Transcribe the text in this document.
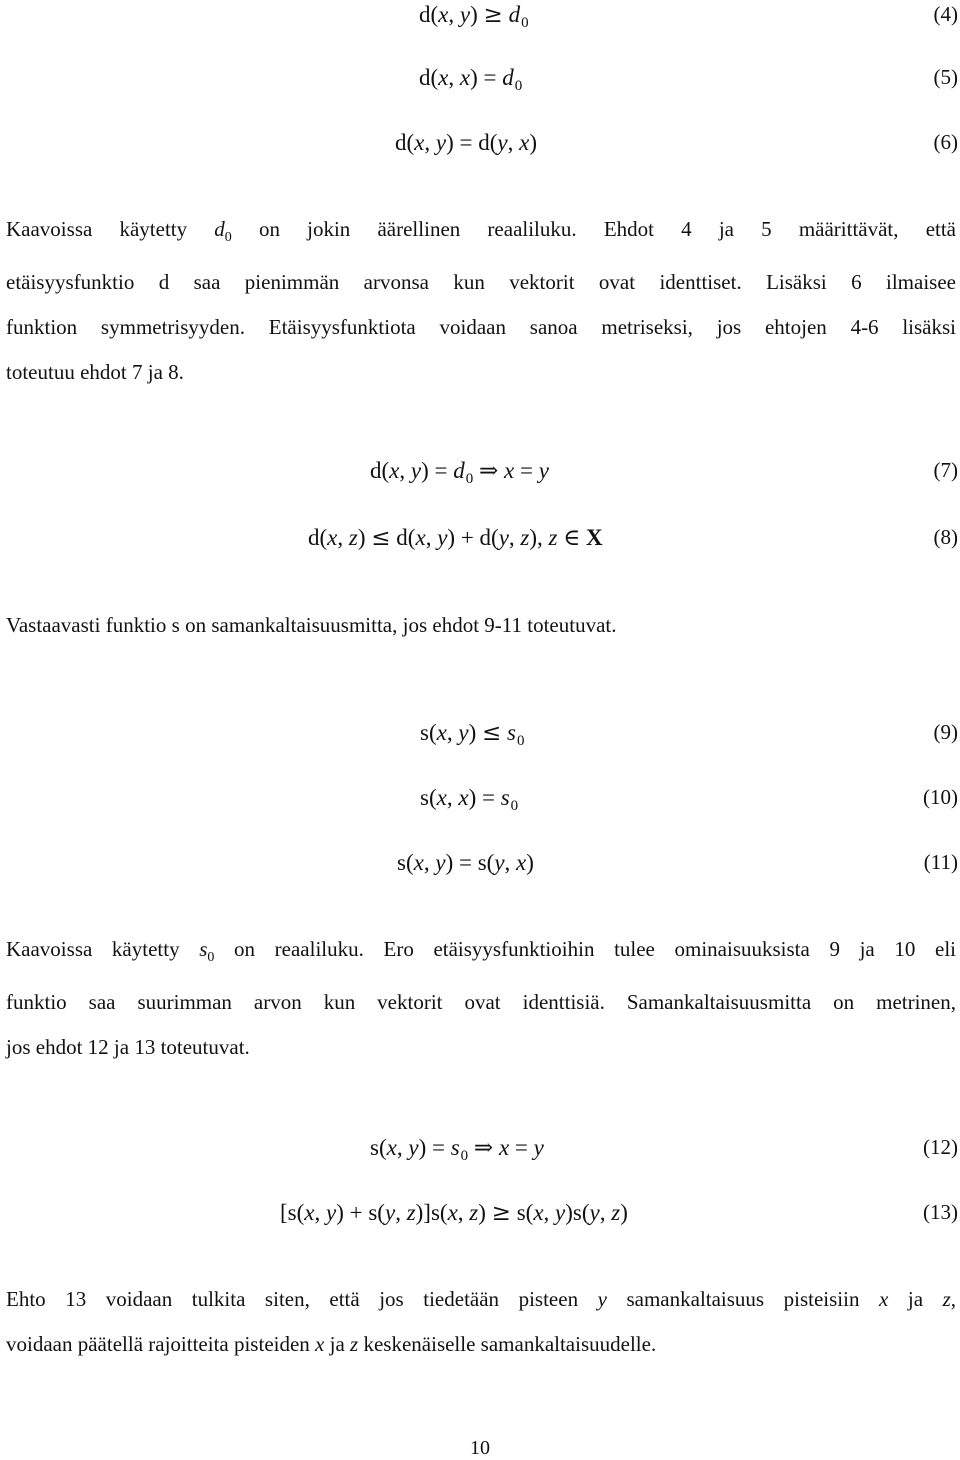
d(x, $y) \ge d_0$	(4)
d(x, $x) = d_0$	(5)
d(x, y) = d(y, x)	(6)

Kaavoissa käytetty $d_0$ on jokin äärellinen reaaliluku. Ehdot 4 ja 5 määrittävät, että

etäisyysfunktio d saa pienimmän arvonsa kun vektorit ovat identtiset. Lisäksi 6 ilmaisee

funktion symmetrisyyden. Etäisyysfunktiota voidaan sanoa metriseksi, jos ehtojen 4-6 lisäksi

toteutuu ehdot 7 ja 8.

d(x, $y) = d_0$ ⇒ x = y	(7)
d(x, z) ≤ d(x, y) + d(y, z), z ∈ X	(8)

Vastaavasti funktio s on samankaltaisuusmitta, jos ehdot 9-11 toteutuvat.

s(x, $y) \le s_0$	(9)
s(x, $x) = s_0$	(10)
s(x, y) = s(y, x)	(11)

Kaavoissa käytetty $s_0$ on reaaliluku. Ero etäisyysfunktioihin tulee ominaisuuksista 9 ja 10 eli

funktio saa suurimman arvon kun vektorit ovat identtisiä. Samankaltaisuusmitta on metrinen,

jos ehdot 12 ja 13 toteutuvat.

s(x, $y) = s_0$ ⇒ x = y	(12)
[s(x, y) + s(y, z)]s(x, z) ≥ s(x, y)s(y, z)	(13)

Ehto 13 voidaan tulkita siten, että jos tiedetään pisteen y samankaltaisuus pisteisiin x ja z,

voidaan päätellä rajoitteita pisteiden x ja z keskenäiselle samankaltaisuudelle.

10
